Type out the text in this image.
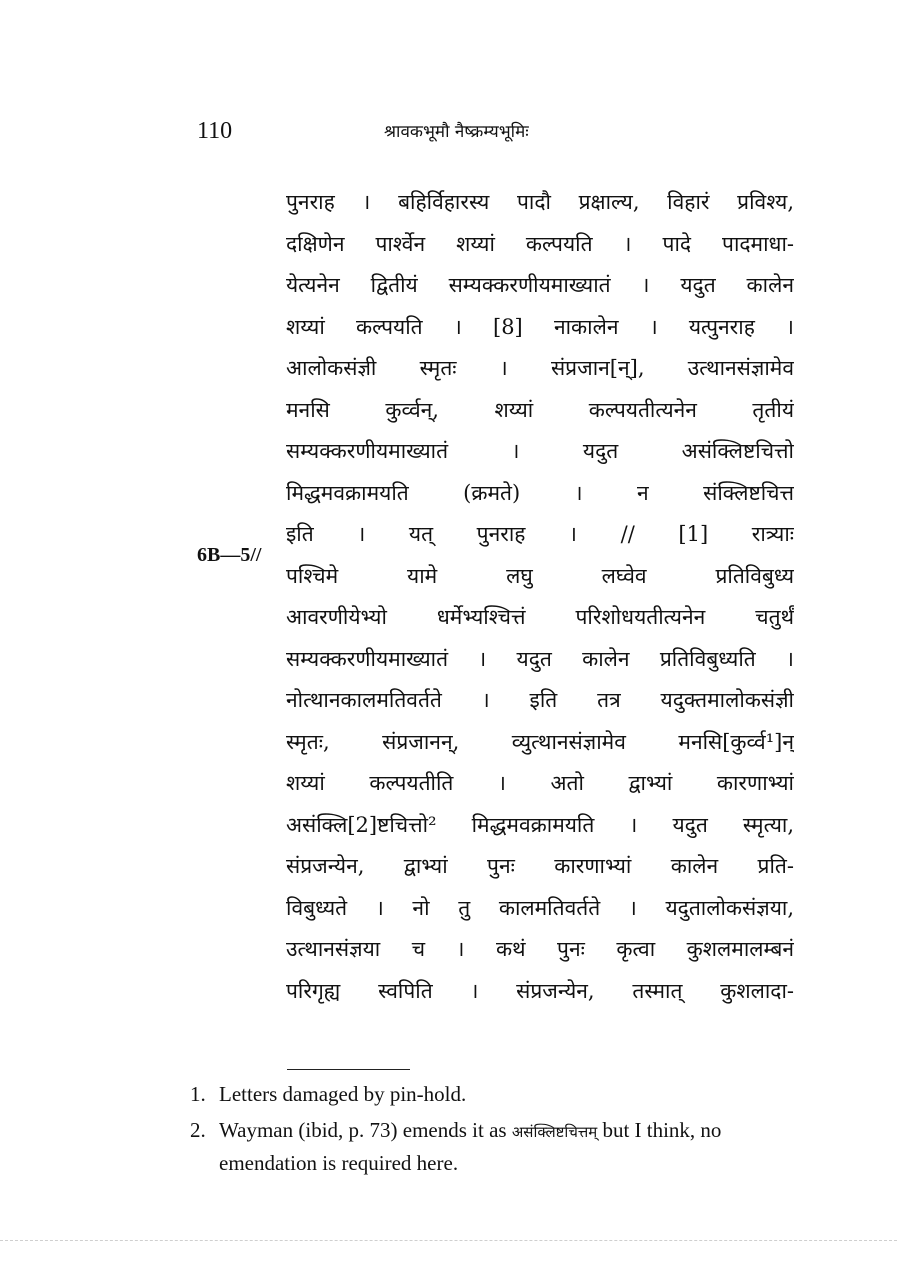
110	श्रावकभूमौ नैष्क्रम्यभूमिः
6B—5//
पुनराह । बहिर्विहारस्य पादौ प्रक्षाल्य, विहारं प्रविश्य,
दक्षिणेन पार्श्वेन शय्यां कल्पयति । पादे पादमाधा-
येत्यनेन द्वितीयं सम्यक्करणीयमाख्यातं । यदुत कालेन
शय्यां कल्पयति । [8] नाकालेन । यत्पुनराह ।
आलोकसंज्ञी स्मृतः । संप्रजान[न्], उत्थानसंज्ञामेव
मनसि कुर्व्वन्, शय्यां कल्पयतीत्यनेन तृतीयं
सम्यक्करणीयमाख्यातं । यदुत असंक्लिष्टचित्तो
मिद्धमवक्रामयति (क्रमते) । न संक्लिष्टचित्त
इति । यत् पुनराह । // [1] रात्र्याः
पश्चिमे यामे लघु लघ्वेव प्रतिविबुध्य
आवरणीयेभ्यो धर्मेभ्यश्चित्तं परिशोधयतीत्यनेन चतुर्थं
सम्यक्करणीयमाख्यातं । यदुत कालेन प्रतिविबुध्यति ।
नोत्थानकालमतिवर्तते । इति तत्र यदुक्तमालोकसंज्ञी
स्मृतः, संप्रजानन्, व्युत्थानसंज्ञामेव मनसि[कुर्व्व¹]न्
शय्यां कल्पयतीति । अतो द्वाभ्यां कारणाभ्यां
असंक्लि[2]ष्टचित्तो² मिद्धमवक्रामयति । यदुत स्मृत्या,
संप्रजन्येन, द्वाभ्यां पुनः कारणाभ्यां कालेन प्रति-
विबुध्यते । नो तु कालमतिवर्तते । यदुतालोकसंज्ञया,
उत्थानसंज्ञया च । कथं पुनः कृत्वा कुशलमालम्बनं
परिगृह्य स्वपिति । संप्रजन्येन, तस्मात् कुशलादा-
1. Letters damaged by pin-hold.
2. Wayman (ibid, p. 73) emends it as असंक्लिष्टचित्तम् but I think, no emendation is required here.
